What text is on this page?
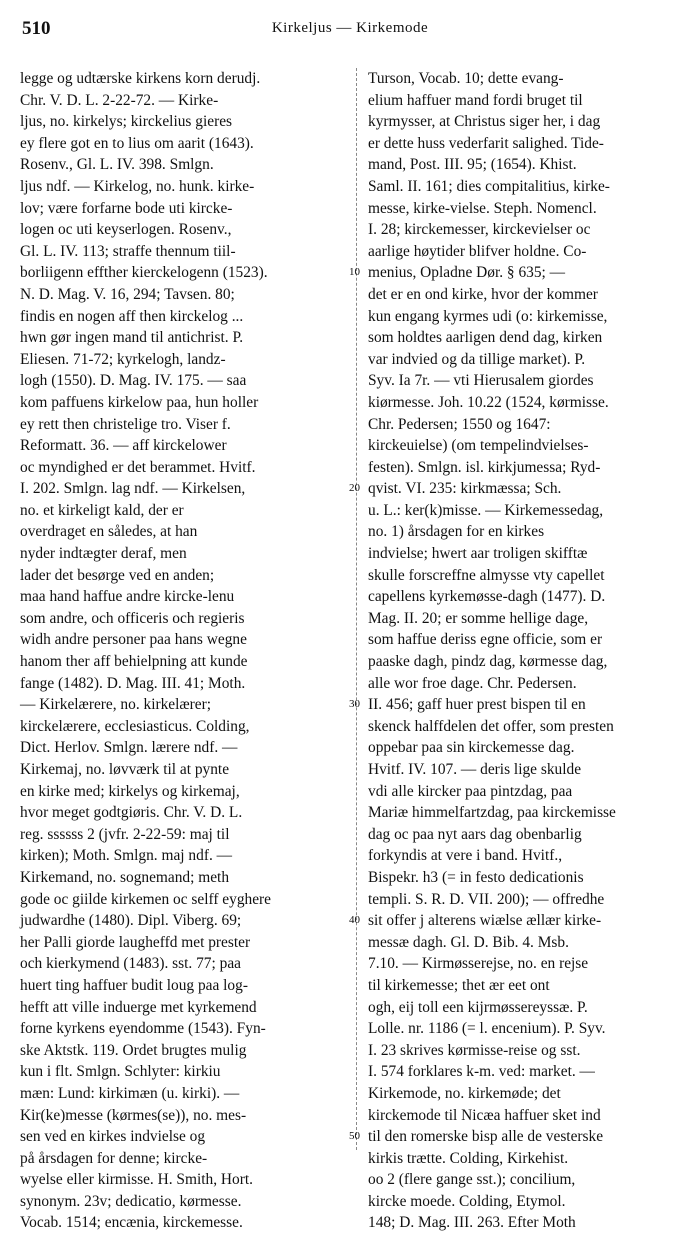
510	Kirkeljus — Kirkemode
legge og udtærske kirkens korn derudj.
Chr. V. D. L. 2-22-72. — Kirke-
ljus, no. kirkelys; kirckelius gieres
ey flere got en to lius om aarit (1643).
Rosenv., Gl. L. IV. 398. Smlgn.
ljus ndf. — Kirkelog, no. hunk. kirke-
lov; være forfarne bode uti kircke-
logen oc uti keyserlogen. Rosenv.,
Gl. L. IV. 113; straffe thennum tiil-
borliigenn effther kierckelogenn (1523).
N. D. Mag. V. 16, 294; Tavsen. 80;
findis en nogen aff then kirckelog ...
hwn gør ingen mand til antichrist. P.
Eliesen. 71-72; kyrkelogh, landz-
logh (1550). D. Mag. IV. 175. — saa
kom paffuens kirkelow paa, hun holler
ey rett then christelige tro. Viser f.
Reformatt. 36. — aff kirckelower
oc myndighed er det berammet. Hvitf.
I. 202. Smlgn. lag ndf. — Kirkelsen,
no. et kirkeligt kald, der er
overdraget en således, at han
nyder indtægter deraf, men
lader det besørge ved en anden;
maa hand haffue andre kircke-lenu
som andre, och officeris och regieris
widh andre personer paa hans wegne
hanom ther aff behielpning att kunde
fange (1482). D. Mag. III. 41; Moth.
— Kirkelærere, no. kirkelærer;
kirckelærere, ecclesiasticus. Colding,
Dict. Herlov. Smlgn. lærere ndf. —
Kirkemaj, no. løvværk til at pynte
en kirke med; kirkelys og kirkemaj,
hvor meget godtgiøris. Chr. V. D. L.
reg. ssssss 2 (jvfr. 2-22-59: maj til
kirken); Moth. Smlgn. maj ndf. —
Kirkemand, no. sognemand; meth
gode oc giilde kirkemen oc selff eyghere
judwardhe (1480). Dipl. Viberg. 69;
her Palli giorde laugheffd met prester
och kierkymend (1483). sst. 77; paa
huert ting haffuer budit loug paa log-
hefft att ville induerge met kyrkemend
forne kyrkens eyendomme (1543). Fyn-
ske Aktstk. 119. Ordet brugtes mulig
kun i flt. Smlgn. Schlyter: kirkiu
mæn: Lund: kirkimæn (u. kirki). —
Kir(ke)messe (kørmes(se)), no. mes-
sen ved en kirkes indvielse og
på årsdagen for denne; kircke-
wyelse eller kirmisse. H. Smith, Hort.
synonym. 23v; dedicatio, kørmesse.
Vocab. 1514; encænia, kirckemesse.
10
20
30
40
50
Turson, Vocab. 10; dette evang-
elium haffuer mand fordi bruget til
kyrmysser, at Christus siger her, i dag
er dette huss vederfarit salighed. Tide-
mand, Post. III. 95; (1654). Khist.
Saml. II. 161; dies compitalitius, kirke-
messe, kirke-vielse. Steph. Nomencl.
I. 28; kirckemesser, kirckevielser oc
aarlige høytider blifver holdne. Co-
menius, Opladne Dør. § 635; —
det er en ond kirke, hvor der kommer
kun engang kyrmes udi (o: kirkemisse,
som holdtes aarligen dend dag, kirken
var indvied og da tillige market). P.
Syv. Ia 7r. — vti Hierusalem giordes
kiørmesse. Joh. 10.22 (1524, kørmisse.
Chr. Pedersen; 1550 og 1647:
kirckeuielse) (om tempelindvielses-
festen). Smlgn. isl. kirkjumessa; Ryd-
qvist. VI. 235: kirkmæssa; Sch.
u. L.: ker(k)misse. — Kirkemessedag,
no. 1) årsdagen for en kirkes
indvielse; hwert aar troligen skifftæ
skulle forscreffne almysse vty capellet
capellens kyrkemøsse-dagh (1477). D.
Mag. II. 20; er somme hellige dage,
som haffue deriss egne officie, som er
paaske dagh, pindz dag, kørmesse dag,
alle wor froe dage. Chr. Pedersen.
II. 456; gaff huer prest bispen til en
skenck halffdelen det offer, som presten
oppebar paa sin kirckemesse dag.
Hvitf. IV. 107. — deris lige skulde
vdi alle kircker paa pintzdag, paa
Mariæ himmelfartzdag, paa kirckemisse
dag oc paa nyt aars dag obenbarlig
forkyndis at vere i band. Hvitf.,
Bispekr. h3 (= in festo dedicationis
templi. S. R. D. VII. 200); — offredhe
sit offer j alterens wiælse ællær kirke-
messæ dagh. Gl. D. Bib. 4. Msb.
7.10. — Kirmøsserejse, no. en rejse
til kirkemesse; thet ær eet ont
ogh, eij toll een kijrmøssereyssæ. P.
Lolle. nr. 1186 (= l. encenium). P. Syv.
I. 23 skrives kørmisse-reise og sst.
I. 574 forklares k-m. ved: market. —
Kirkemode, no. kirkemøde; det
kirckemode til Nicæa haffuer sket ind
til den romerske bisp alle de vesterske
kirkis trætte. Colding, Kirkehist.
oo 2 (flere gange sst.); concilium,
kircke moede. Colding, Etymol.
148; D. Mag. III. 263. Efter Moth
